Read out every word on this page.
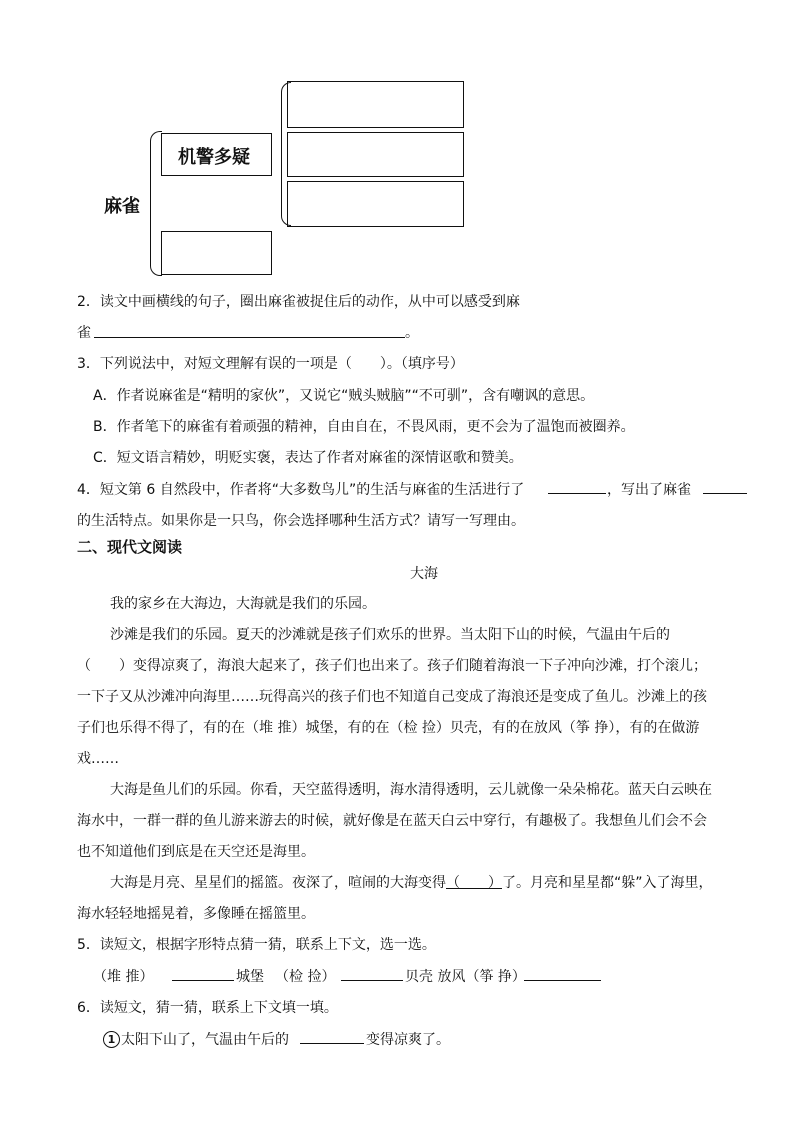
麻雀
机警多疑
2．读文中画横线的句子，圈出麻雀被捉住后的动作，从中可以感受到麻
雀	。
3．下列说法中，对短文理解有误的一项是（　　）。（填序号）
A．作者说麻雀是“精明的家伙”，又说它“贼头贼脑”“不可驯”，含有嘲讽的意思。
B．作者笔下的麻雀有着顽强的精神，自由自在，不畏风雨，更不会为了温饱而被圈养。
C．短文语言精妙，明贬实褒，表达了作者对麻雀的深情讴歌和赞美。
4．短文第 6 自然段中，作者将“大多数鸟儿”的生活与麻雀的生活进行了	，写出了麻雀
的生活特点。如果你是一只鸟，你会选择哪种生活方式？请写一写理由。
二、现代文阅读
大海
我的家乡在大海边，大海就是我们的乐园。
沙滩是我们的乐园。夏天的沙滩就是孩子们欢乐的世界。当太阳下山的时候，气温由午后的
（　　）变得凉爽了，海浪大起来了，孩子们也出来了。孩子们随着海浪一下子冲向沙滩，打个滚儿；
一下子又从沙滩冲向海里……玩得高兴的孩子们也不知道自己变成了海浪还是变成了鱼儿。沙滩上的孩
子们也乐得不得了，有的在（堆 推）城堡，有的在（检 捡）贝壳，有的在放风（筝 挣），有的在做游
戏……
大海是鱼儿们的乐园。你看，天空蓝得透明，海水清得透明，云儿就像一朵朵棉花。蓝天白云映在
海水中，一群一群的鱼儿游来游去的时候，就好像是在蓝天白云中穿行，有趣极了。我想鱼儿们会不会
也不知道他们到底是在天空还是海里。
大海是月亮、星星们的摇篮。夜深了，喧闹的大海变得（　　）了。月亮和星星都“躲”入了海里，
海水轻轻地摇晃着，多像睡在摇篮里。
5．读短文，根据字形特点猜一猜，联系上下文，选一选。
（堆 推）	城堡 （检 捡）	贝壳 放风（筝 挣）
6．读短文，猜一猜，联系上下文填一填。
1 太阳下山了，气温由午后的	变得凉爽了。
